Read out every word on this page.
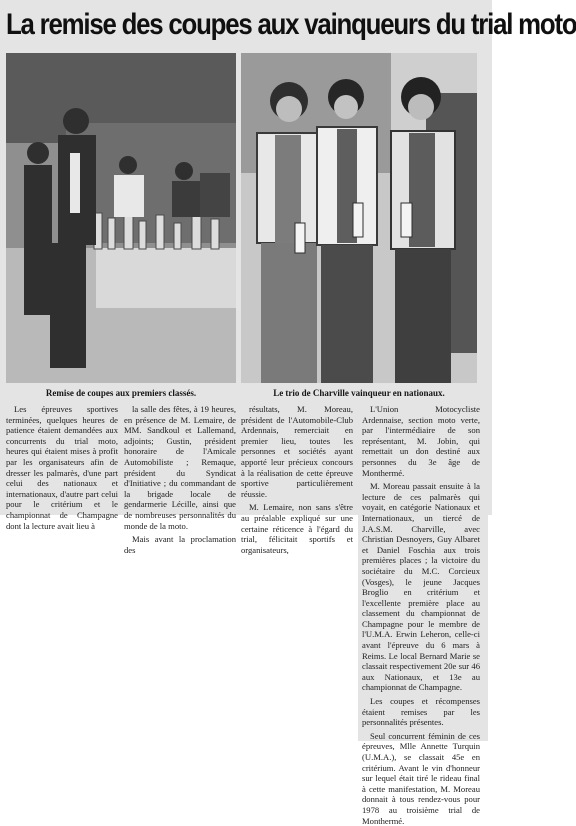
La remise des coupes aux vainqueurs du trial moto
Remise de coupes aux premiers classés.	Le trio de Charville vainqueur en nationaux.

Les épreuves sportives terminées, quelques heures de patience étaient demandées aux concurrents du trial moto, heures qui étaient mises à profit par les organisateurs afin de dresser les palmarès, d'une part celui des nationaux et internationaux, d'autre part celui pour le critérium et le championnat de Champagne dont la lecture avait lieu à

la salle des fêtes, à 19 heures, en présence de M. Lemaire, de MM. Sandkoul et Lallemand, adjoints; Gustin, président honoraire de l'Amicale Automobiliste ; Remaque, président du Syndicat d'Initiative ; du commandant de la brigade locale de gendarmerie Lécille, ainsi que de nombreuses personnalités du monde de la moto.

Mais avant la proclamation des

résultats, M. Moreau, président de l'Automobile-Club Ardennais, remerciait en premier lieu, toutes les personnes et sociétés ayant apporté leur précieux concours à la réalisation de cette épreuve sportive particulièrement réussie.

M. Lemaire, non sans s'être au préalable expliqué sur une certaine réticence à l'égard du trial, félicitait sportifs et organisateurs,

L'Union Motocycliste Ardennaise, section moto verte, par l'intermédiaire de son représentant, M. Jobin, qui remettait un don destiné aux personnes du 3e âge de Monthermé.

M. Moreau passait ensuite à la lecture de ces palmarès qui voyait, en catégorie Nationaux et Internationaux, un tiercé de J.A.S.M. Charville, avec Christian Desnoyers, Guy Albaret et Daniel Foschia aux trois premières places ; la victoire du sociétaire du M.C. Corcieux (Vosges), le jeune Jacques Broglio en critérium et l'excellente première place au classement du championnat de Champagne pour le membre de l'U.M.A. Erwin Leheron, celle-ci avant l'épreuve du 6 mars à Reims. Le local Bernard Marie se classait respectivement 20e sur 46 aux Nationaux, et 13e au championnat de Champagne.

Les coupes et récompenses étaient remises par les personnalités présentes.

Seul concurrent féminin de ces épreuves, Mlle Annette Turquin (U.M.A.), se classait 45e en critérium. Avant le vin d'honneur sur lequel était tiré le rideau final à cette manifestation, M. Moreau donnait à tous rendez-vous pour 1978 au troisième trial de Monthermé.
